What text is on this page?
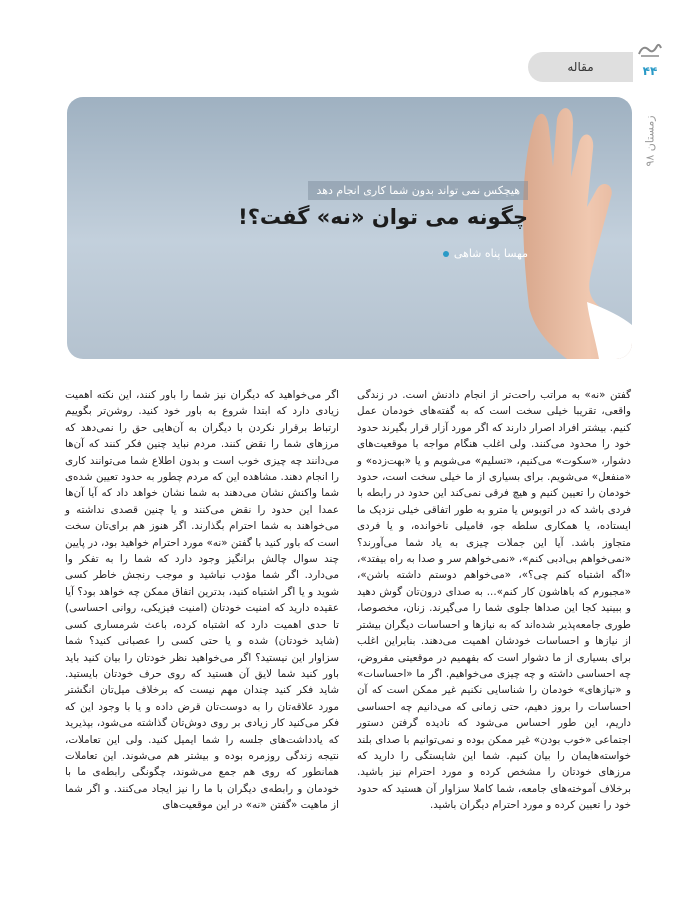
مقاله	۴۴
زمستان ۹۸
هیچکس نمی تواند بدون شما کاری انجام دهد
چگونه می توان «نه» گفت؟!
مهسا پناه شاهی

گفتن «نه» به مراتب راحت‌تر از انجام دادنش است. در زندگی واقعی، تقریبا خیلی سخت است که به گفته‌های خودمان عمل کنیم. بیشتر افراد اصرار دارند که اگر مورد آزار قرار بگیرند حدود خود را محدود می‌کنند. ولی اغلب هنگام مواجه با موقعیت‌های دشوار، «سکوت» می‌کنیم، «تسلیم» می‌شویم و یا «بهت‌زده» و «منفعل» می‌شویم. برای بسیاری از ما خیلی سخت است، حدود خودمان را تعیین کنیم و هیچ فرقی نمی‌کند این حدود در رابطه با فردی باشد که در اتوبوس یا مترو به طور اتفاقی خیلی نزدیک ما ایستاده، یا همکاری سلطه جو، فامیلی ناخوانده، و یا فردی متجاوز باشد. آیا این جملات چیزی به یاد شما می‌آورند؟ «نمی‌خواهم بی‌ادبی کنم»، «نمی‌خواهم سر و صدا به راه بیفتد»، «اگه اشتباه کنم چی؟»، «می‌خواهم دوستم داشته باشن»، «مجبورم که باهاشون کار کنم»... به صدای درون‌تان گوش دهید و ببینید کجا این صداها جلوی شما را می‌گیرند. زنان، مخصوصا، طوری جامعه‌پذیر شده‌اند که به نیازها و احساسات دیگران بیشتر از نیازها و احساسات خودشان اهمیت می‌دهند. بنابراین اغلب برای بسیاری از ما دشوار است که بفهمیم در موقعیتی مفروض، چه احساسی داشته و چه چیزی می‌خواهیم. اگر ما «احساسات» و «نیازهای» خودمان را شناسایی نکنیم غیر ممکن است که آن احساسات را بروز دهیم، حتی زمانی که می‌دانیم چه احساسی داریم، این طور احساس می‌شود که نادیده گرفتن دستور اجتماعی «خوب بودن» غیر ممکن بوده و نمی‌توانیم با صدای بلند خواسته‌هایمان را بیان کنیم. شما این شایستگی را دارید که مرزهای خودتان را مشخص کرده و مورد احترام نیز باشید. برخلاف آموخته‌های جامعه، شما کاملا سزاوار آن هستید که حدود خود را تعیین کرده و مورد احترام دیگران باشید.

اگر می‌خواهید که دیگران نیز شما را باور کنند، این نکته اهمیت زیادی دارد که ابتدا شروع به باور خود کنید. روشن‌تر بگوییم ارتباط برقرار نکردن با دیگران به آن‌هایی حق را نمی‌دهد که مرزهای شما را نقض کنند. مردم نباید چنین فکر کنند که آن‌ها می‌دانند چه چیزی خوب است و بدون اطلاع شما می‌توانند کاری را انجام دهند. مشاهده این که مردم چطور به حدود تعیین شده‌ی شما واکنش نشان می‌دهند به شما نشان خواهد داد که آیا آن‌ها عمدا این حدود را نقض می‌کنند و یا چنین قصدی نداشته و می‌خواهند به شما احترام بگذارند. اگر هنوز هم برای‌تان سخت است که باور کنید با گفتن «نه» مورد احترام خواهید بود، در پایین چند سوال چالش برانگیز وجود دارد که شما را به تفکر وا می‌دارد. اگر شما مؤدب نباشید و موجب رنجش خاطر کسی شوید و یا اگر اشتباه کنید، بدترین اتفاق ممکن چه خواهد بود؟ آیا عقیده دارید که امنیت خودتان (امنیت فیزیکی، روانی احساسی) تا حدی اهمیت دارد که اشتباه کرده، باعث شرمساری کسی (شاید خودتان) شده و یا حتی کسی را عصبانی کنید؟ شما سزاوار این نیستید؟ اگر می‌خواهید نظر خودتان را بیان کنید باید باور کنید شما لایق آن هستید که روی حرف خودتان بایستید. شاید فکر کنید چندان مهم نیست که برخلاف میل‌تان انگشتر مورد علاقه‌تان را به دوست‌تان قرض داده و یا با وجود این که فکر می‌کنید کار زیادی بر روی دوش‌تان گذاشته می‌شود، بپذیرید که یادداشت‌های جلسه را شما ایمیل کنید. ولی این تعاملات، نتیجه زندگی روزمره بوده و بیشتر هم می‌شوند. این تعاملات همانطور که روی هم جمع می‌شوند، چگونگی رابطه‌ی ما با خودمان و رابطه‌ی دیگران با ما را نیز ایجاد می‌کنند. و اگر شما از ماهیت «گفتن «نه» در این موقعیت‌های
